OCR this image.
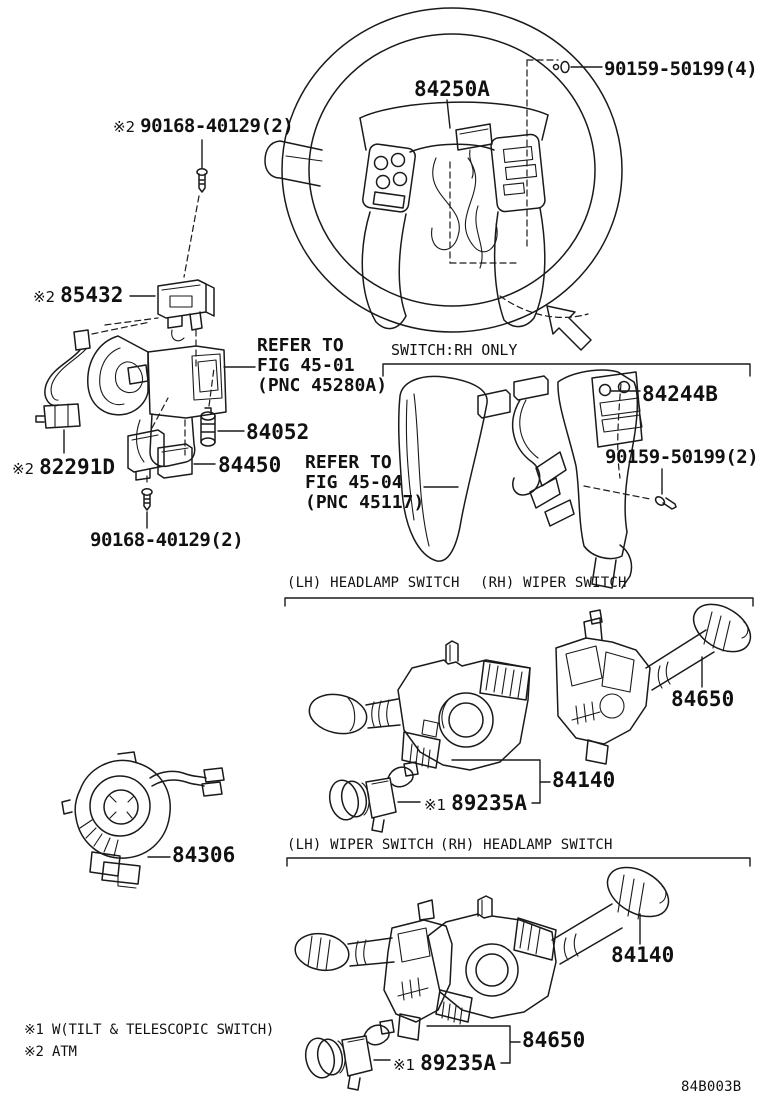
90159-50199(4)
84250A
※2 90168-40129(2)
※2 85432
REFER TO
FIG 45-01
(PNC 45280A)
84052
84450
※2 82291D
90168-40129(2)
SWITCH:RH ONLY
84244B
90159-50199(2)
REFER TO
FIG 45-04
(PNC 45117)
(LH) HEADLAMP SWITCH (RH) WIPER SWITCH
84650
84140
※1 89235A
84306	(LH) WIPER SWITCH (RH) HEADLAMP SWITCH
84140
84650
※1 89235A
※1 W(TILT & TELESCOPIC SWITCH)
※2 ATM
84B003B
